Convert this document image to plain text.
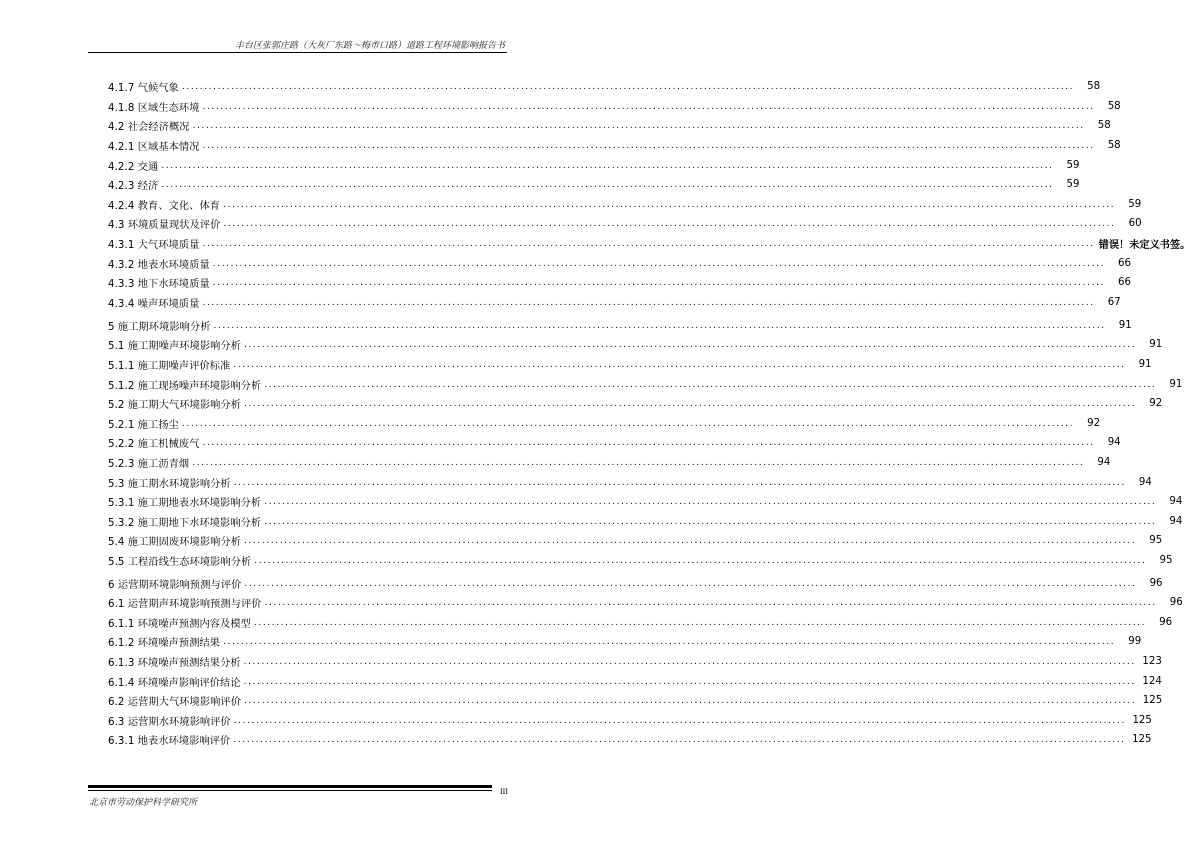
丰台区张郭庄路（大灰厂东路～梅市口路）道路工程环境影响报告书
4.1.7 气候气象 ........................................................................................................................................................................................................	58
4.1.8 区域生态环境 ........................................................................................................................................................................................................	58
4.2 社会经济概况 ........................................................................................................................................................................................................	58
4.2.1 区域基本情况 ........................................................................................................................................................................................................	58
4.2.2 交通 ........................................................................................................................................................................................................	59
4.2.3 经济 ........................................................................................................................................................................................................	59
4.2.4 教育、文化、体育 ........................................................................................................................................................................................................	59
4.3 环境质量现状及评价 ........................................................................................................................................................................................................	60
4.3.1 大气环境质量 ........................................................................................................................................................................................................ 错误！未定义书签。
4.3.2 地表水环境质量 ........................................................................................................................................................................................................	66
4.3.3 地下水环境质量 ........................................................................................................................................................................................................	66
4.3.4 噪声环境质量 ........................................................................................................................................................................................................	67
5 施工期环境影响分析 ........................................................................................................................................................................................................	91
5.1 施工期噪声环境影响分析 ........................................................................................................................................................................................................	91
5.1.1 施工期噪声评价标准 ........................................................................................................................................................................................................	91
5.1.2 施工现场噪声环境影响分析 ........................................................................................................................................................................................................	91
5.2 施工期大气环境影响分析 ........................................................................................................................................................................................................	92
5.2.1 施工扬尘 ........................................................................................................................................................................................................	92
5.2.2 施工机械废气 ........................................................................................................................................................................................................	94
5.2.3 施工沥青烟 ........................................................................................................................................................................................................	94
5.3 施工期水环境影响分析 ........................................................................................................................................................................................................	94
5.3.1 施工期地表水环境影响分析 ........................................................................................................................................................................................................	94
5.3.2 施工期地下水环境影响分析 ........................................................................................................................................................................................................	94
5.4 施工期固废环境影响分析 ........................................................................................................................................................................................................	95
5.5 工程沿线生态环境影响分析 ........................................................................................................................................................................................................	95
6 运营期环境影响预测与评价 ........................................................................................................................................................................................................	96
6.1 运营期声环境影响预测与评价 ........................................................................................................................................................................................................	96
6.1.1 环境噪声预测内容及模型 ........................................................................................................................................................................................................	96
6.1.2 环境噪声预测结果 ........................................................................................................................................................................................................	99
6.1.3 环境噪声预测结果分析 ........................................................................................................................................................................................................ 123
6.1.4 环境噪声影响评价结论 ........................................................................................................................................................................................................ 124
6.2 运营期大气环境影响评价 ........................................................................................................................................................................................................ 125
6.3 运营期水环境影响评价 ........................................................................................................................................................................................................ 125
6.3.1 地表水环境影响评价 ........................................................................................................................................................................................................ 125
北京市劳动保护科学研究所
III
